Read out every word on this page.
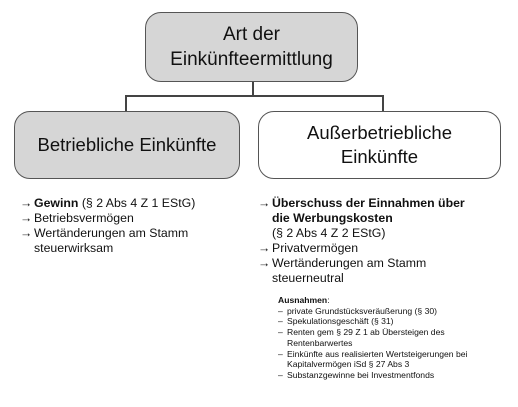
Art der
Einkünfteermittlung
Betriebliche Einkünfte
Außerbetriebliche
Einkünfte
→ Gewinn (§ 2 Abs 4 Z 1 EStG)
→ Betriebsvermögen
→ Wertänderungen am Stamm
steuerwirksam
→ Überschuss der Einnahmen über
die Werbungskosten
(§ 2 Abs 4 Z 2 EStG)
→ Privatvermögen
→ Wertänderungen am Stamm
steuerneutral
Ausnahmen:
– private Grundstücksveräußerung (§ 30)
– Spekulationsgeschäft (§ 31)
– Renten gem § 29 Z 1 ab Übersteigen des
Rentenbarwertes
– Einkünfte aus realisierten Wertsteigerungen bei
Kapitalvermögen iSd § 27 Abs 3
– Substanzgewinne bei Investmentfonds
